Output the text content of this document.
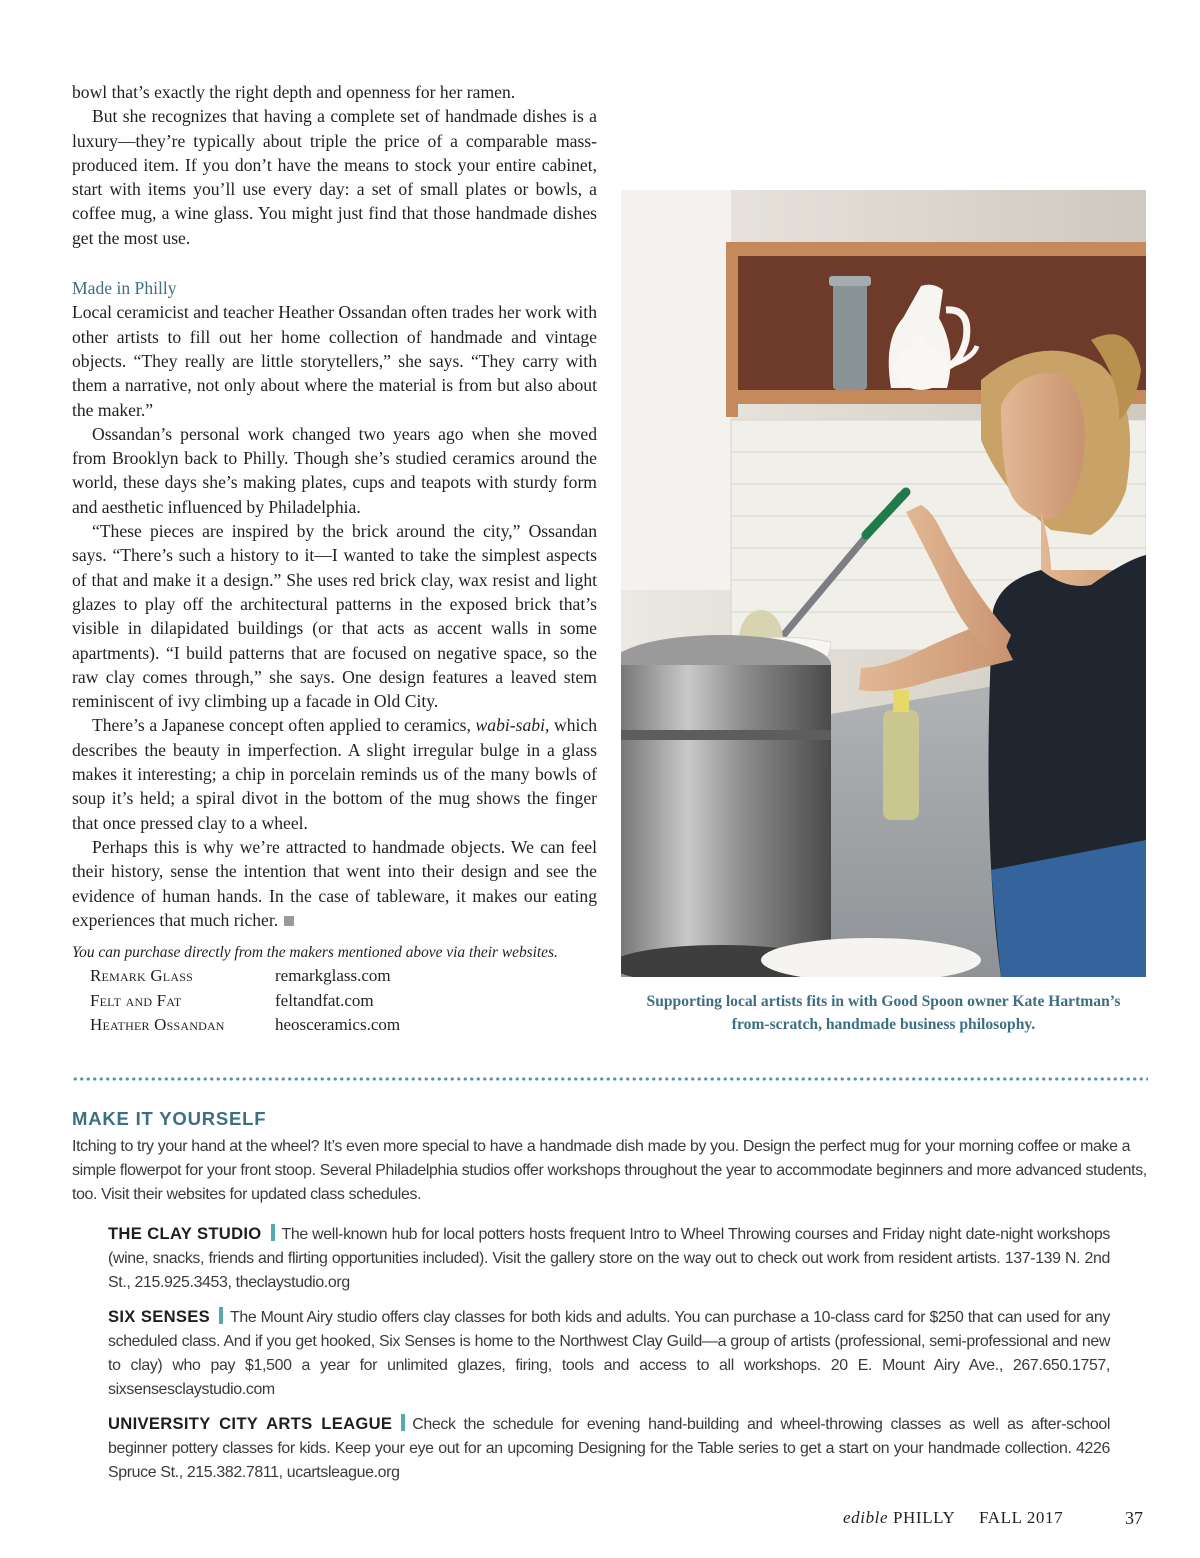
bowl that’s exactly the right depth and openness for her ramen.

But she recognizes that having a complete set of handmade dishes is a luxury—they’re typically about triple the price of a comparable mass-produced item. If you don’t have the means to stock your entire cabinet, start with items you’ll use every day: a set of small plates or bowls, a coffee mug, a wine glass. You might just find that those handmade dishes get the most use.

Made in Philly

Local ceramicist and teacher Heather Ossandan often trades her work with other artists to fill out her home collection of handmade and vintage objects. “They really are little storytellers,” she says. “They carry with them a narrative, not only about where the material is from but also about the maker.”

Ossandan’s personal work changed two years ago when she moved from Brooklyn back to Philly. Though she’s studied ceramics around the world, these days she’s making plates, cups and teapots with sturdy form and aesthetic influenced by Philadelphia.

“These pieces are inspired by the brick around the city,” Ossandan says. “There’s such a history to it—I wanted to take the simplest aspects of that and make it a design.” She uses red brick clay, wax resist and light glazes to play off the architectural patterns in the exposed brick that’s visible in dilapidated buildings (or that acts as accent walls in some apartments). “I build patterns that are focused on negative space, so the raw clay comes through,” she says. One design features a leaved stem reminiscent of ivy climbing up a facade in Old City.

There’s a Japanese concept often applied to ceramics, wabi-sabi, which describes the beauty in imperfection. A slight irregular bulge in a glass makes it interesting; a chip in porcelain reminds us of the many bowls of soup it’s held; a spiral divot in the bottom of the mug shows the finger that once pressed clay to a wheel.

Perhaps this is why we’re attracted to handmade objects. We can feel their history, sense the intention that went into their design and see the evidence of human hands. In the case of tableware, it makes our eating experiences that much richer.

You can purchase directly from the makers mentioned above via their websites.
Remark Glass	remarkglass.com
Felt and Fat	feltandfat.com
Heather Ossandan	heosceramics.com
Supporting local artists fits in with Good Spoon owner Kate Hartman’s
from-scratch, handmade business philosophy.
MAKE IT YOURSELF
Itching to try your hand at the wheel? It’s even more special to have a handmade dish made by you. Design the perfect mug for your morning coffee or make a simple flowerpot for your front stoop. Several Philadelphia studios offer workshops throughout the year to accommodate beginners and more advanced students, too. Visit their websites for updated class schedules.

THE CLAY STUDIO The well-known hub for local potters hosts frequent Intro to Wheel Throwing courses and Friday night date-night workshops (wine, snacks, friends and flirting opportunities included). Visit the gallery store on the way out to check out work from resident artists. 137-139 N. 2nd St., 215.925.3453, theclaystudio.org

SIX SENSES The Mount Airy studio offers clay classes for both kids and adults. You can purchase a 10-class card for $250 that can used for any scheduled class. And if you get hooked, Six Senses is home to the Northwest Clay Guild—a group of artists (professional, semi-professional and new to clay) who pay $1,500 a year for unlimited glazes, firing, tools and access to all workshops. 20 E. Mount Airy Ave., 267.650.1757, sixsensesclaystudio.com

UNIVERSITY CITY ARTS LEAGUE Check the schedule for evening hand-building and wheel-throwing classes as well as after-school beginner pottery classes for kids. Keep your eye out for an upcoming Designing for the Table series to get a start on your handmade collection. 4226 Spruce St., 215.382.7811, ucartsleague.org

edible PHILLY FALL 2017	37
